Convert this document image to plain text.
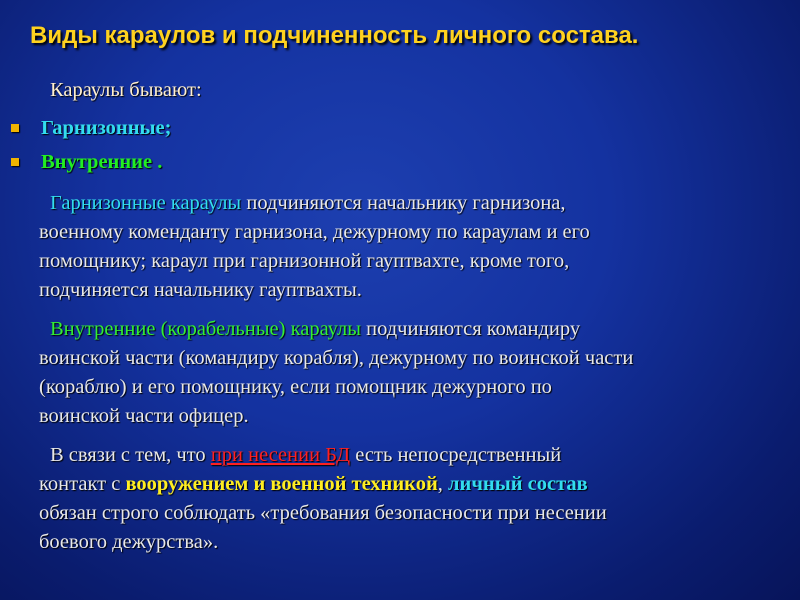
Виды караулов и подчиненность личного состава.
Караулы бывают:
Гарнизонные;
Внутренние .
Гарнизонные караулы подчиняются начальнику гарнизона,
военному коменданту гарнизона, дежурному по караулам и его
помощнику; караул при гарнизонной гауптвахте, кроме того,
подчиняется начальнику гауптвахты.
Внутренние (корабельные) караулы подчиняются командиру
воинской части (командиру корабля), дежурному по воинской части
(кораблю) и его помощнику, если помощник дежурного по
воинской части офицер.
В связи с тем, что при несении БД есть непосредственный
контакт с вооружением и военной техникой, личный состав
обязан строго соблюдать «требования безопасности при несении
боевого дежурства».
